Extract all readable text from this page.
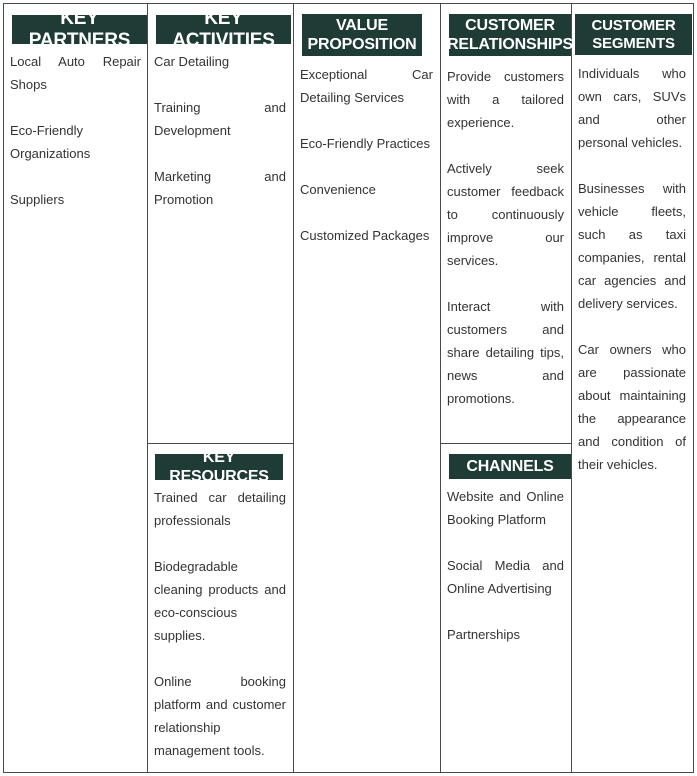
KEY PARTNERS
Local Auto Repair Shops
Eco-Friendly Organizations
Suppliers
KEY ACTIVITIES
Car Detailing
Training and Development
Marketing and Promotion
KEY RESOURCES
Trained car detailing professionals
Biodegradable cleaning products and eco-conscious supplies.
Online booking platform and customer relationship management tools.
VALUE
PROPOSITION
Exceptional Car Detailing Services
Eco-Friendly Practices
Convenience
Customized Packages
CUSTOMER
RELATIONSHIPS
Provide customers with a tailored experience.
Actively seek customer feedback to continuously improve our services.
Interact with customers and share detailing tips, news and promotions.
CHANNELS
Website and Online Booking Platform
Social Media and Online Advertising
Partnerships
CUSTOMER
SEGMENTS
Individuals who own cars, SUVs and other personal vehicles.
Businesses with vehicle fleets, such as taxi companies, rental car agencies and delivery services.
Car owners who are passionate about maintaining the appearance and condition of their vehicles.
